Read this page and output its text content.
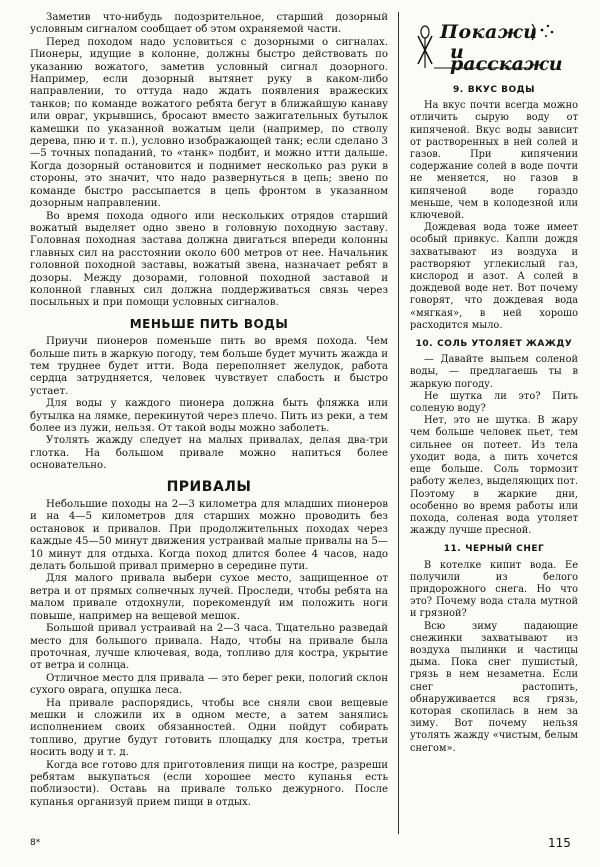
Заметив что-нибудь подозрительное, старший дозорный условным сигналом сообщает об этом охраняемой части.

Перед походом надо условиться с дозорными о сигналах. Пионеры, идущие в колонне, должны быстро действовать по указанию вожатого, заметив условный сигнал дозорного. Например, если дозорный вытянет руку в каком-либо направлении, то оттуда надо ждать появления вражеских танков; по команде вожатого ребята бегут в ближайшую канаву или овраг, укрывшись, бросают вместо зажигательных бутылок камешки по указанной вожатым цели (например, по стволу дерева, пню и т. п.), условно изображающей танк; если сделано 3—5 точных попаданий, то «танк» подбит, и можно итти дальше. Когда дозорный остановится и поднимет несколько раз руки в стороны, это значит, что надо развернуться в цепь; звено по команде быстро рассыпается в цепь фронтом в указанном дозорным направлении.

Во время похода одного или нескольких отрядов старший вожатый выделяет одно звено в головную походную заставу. Головная походная застава должна двигаться впереди колонны главных сил на расстоянии около 600 метров от нее. Начальник головной походной заставы, вожатый звена, назначает ребят в дозоры. Между дозорами, головной походной заставой и колонной главных сил должна поддерживаться связь через посыльных и при помощи условных сигналов.

МЕНЬШЕ ПИТЬ ВОДЫ

Приучи пионеров поменьше пить во время похода. Чем больше пить в жаркую погоду, тем больше будет мучить жажда и тем труднее будет итти. Вода переполняет желудок, работа сердца затрудняется, человек чувствует слабость и быстро устает.

Для воды у каждого пионера должна быть фляжка или бутылка на лямке, перекинутой через плечо. Пить из реки, а тем более из лужи, нельзя. От такой воды можно заболеть.

Утолять жажду следует на малых привалах, делая два-три глотка. На большом привале можно напиться более основательно.

ПРИВАЛЫ

Небольшие походы на 2—3 километра для младших пионеров и на 4—5 километров для старших можно проводить без остановок и привалов. При продолжительных походах через каждые 45—50 минут движения устраивай малые привалы на 5—10 минут для отдыха. Когда поход длится более 4 часов, надо делать большой привал примерно в середине пути.

Для малого привала выбери сухое место, защищенное от ветра и от прямых солнечных лучей. Проследи, чтобы ребята на малом привале отдохнули, порекомендуй им положить ноги повыше, например на вещевой мешок.

Большой привал устраивай на 2—3 часа. Тщательно разведай место для большого привала. Надо, чтобы на привале была проточная, лучше ключевая, вода, топливо для костра, укрытие от ветра и солнца.

Отличное место для привала — это берег реки, пологий склон сухого оврага, опушка леса.

На привале распорядись, чтобы все сняли свои вещевые мешки и сложили их в одном месте, а затем занялись исполнением своих обязанностей. Одни пойдут собирать топливо, другие будут готовить площадку для костра, третьи носить воду и т. д.

Когда все готово для приготовления пищи на костре, разреши ребятам выкупаться (если хорошее место купанья есть поблизости). Оставь на привале только дежурного. После купанья организуй прием пищи в отдых.

Покажи
и расскажи
9. ВКУС ВОДЫ

На вкус почти всегда можно отличить сырую воду от кипяченой. Вкус воды зависит от растворенных в ней солей и газов. При кипячении содержание солей в воде почти не меняется, но газов в кипяченой воде гораздо меньше, чем в колодезной или ключевой.

Дождевая вода тоже имеет особый привкус. Капли дождя захватывают из воздуха и растворяют углекислый газ, кислород и азот. А солей в дождевой воде нет. Вот почему говорят, что дождевая вода «мягкая», в ней хорошо расходится мыло.

10. СОЛЬ УТОЛЯЕТ ЖАЖДУ

— Давайте выпьем соленой воды, — предлагаешь ты в жаркую погоду.

Не шутка ли это? Пить соленую воду?

Нет, это не шутка. В жару чем больше человек пьет, тем сильнее он потеет. Из тела уходит вода, а пить хочется еще больше. Соль тормозит работу желез, выделяющих пот. Поэтому в жаркие дни, особенно во время работы или похода, соленая вода утоляет жажду лучше пресной.

11. ЧЕРНЫЙ СНЕГ

В котелке кипит вода. Ее получили из белого придорожного снега. Но что это? Почему вода стала мутной и грязной?

Всю зиму падающие снежинки захватывают из воздуха пылинки и частицы дыма. Пока снег пушистый, грязь в нем незаметна. Если снег растопить, обнаруживается вся грязь, которая скопилась в нем за зиму. Вот почему нельзя утолять жажду «чистым, белым снегом».

8*	115
